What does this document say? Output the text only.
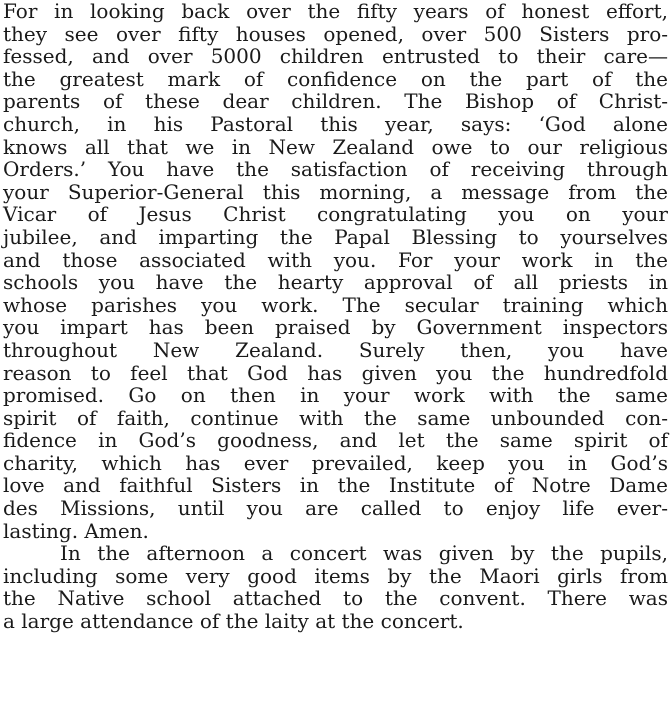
For in looking back over the fifty years of honest effort,
they see over fifty houses opened, over 500 Sisters pro-
fessed, and over 5000 children entrusted to their care—
the greatest mark of confidence on the part of the
parents of these dear children. The Bishop of Christ-
church, in his Pastoral this year, says: ‘God alone
knows all that we in New Zealand owe to our religious
Orders.’ You have the satisfaction of receiving through
your Superior-General this morning, a message from the
Vicar of Jesus Christ congratulating you on your
jubilee, and imparting the Papal Blessing to yourselves
and those associated with you. For your work in the
schools you have the hearty approval of all priests in
whose parishes you work. The secular training which
you impart has been praised by Government inspectors
throughout New Zealand. Surely then, you have
reason to feel that God has given you the hundredfold
promised. Go on then in your work with the same
spirit of faith, continue with the same unbounded con-
fidence in God’s goodness, and let the same spirit of
charity, which has ever prevailed, keep you in God’s
love and faithful Sisters in the Institute of Notre Dame
des Missions, until you are called to enjoy life ever-
lasting. Amen.
In the afternoon a concert was given by the pupils,
including some very good items by the Maori girls from
the Native school attached to the convent. There was
a large attendance of the laity at the concert.
